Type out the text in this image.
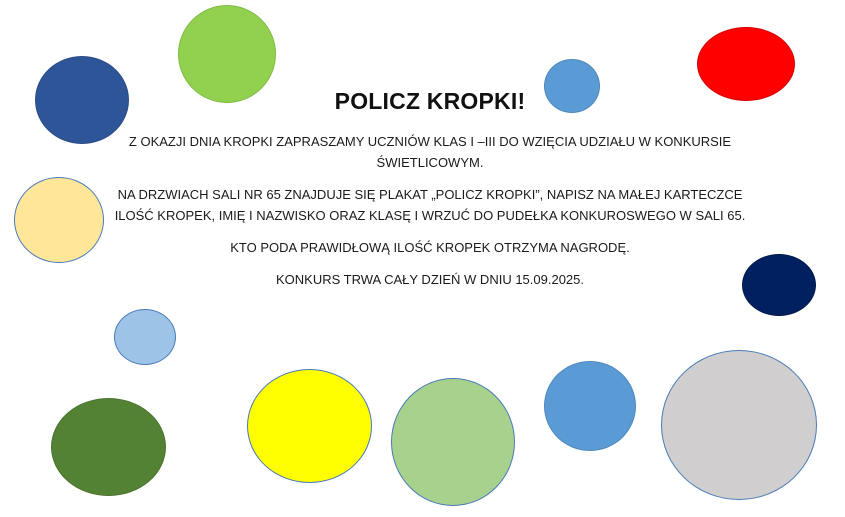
POLICZ KROPKI!
Z OKAZJI DNIA KROPKI ZAPRASZAMY UCZNIÓW KLAS I –III DO WZIĘCIA UDZIAŁU W KONKURSIE ŚWIETLICOWYM.
NA DRZWIACH SALI NR 65 ZNAJDUJE SIĘ PLAKAT „POLICZ KROPKI”, NAPISZ NA MAŁEJ KARTECZCE ILOŚĆ KROPEK, IMIĘ I NAZWISKO ORAZ KLASĘ I WRZUĆ DO PUDEŁKA KONKUROSWEGO W SALI 65.
KTO PODA PRAWIDŁOWĄ ILOŚĆ KROPEK OTRZYMA NAGRODĘ.
KONKURS TRWA CAŁY DZIEŃ W DNIU 15.09.2025.
